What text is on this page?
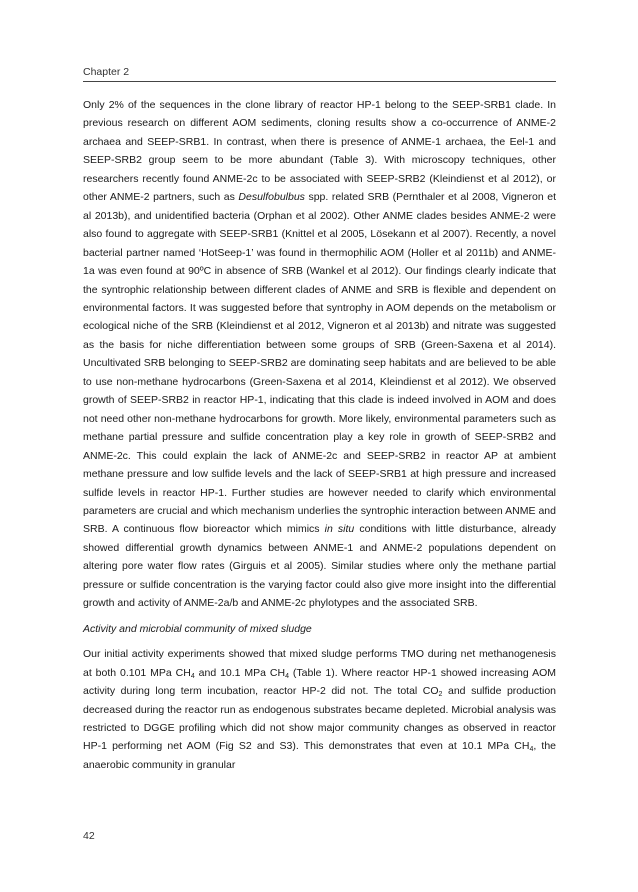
Chapter 2

Only 2% of the sequences in the clone library of reactor HP-1 belong to the SEEP-SRB1 clade. In previous research on different AOM sediments, cloning results show a co-occurrence of ANME-2 archaea and SEEP-SRB1. In contrast, when there is presence of ANME-1 archaea, the Eel-1 and SEEP-SRB2 group seem to be more abundant (Table 3). With microscopy techniques, other researchers recently found ANME-2c to be associated with SEEP-SRB2 (Kleindienst et al 2012), or other ANME-2 partners, such as Desulfobulbus spp. related SRB (Pernthaler et al 2008, Vigneron et al 2013b), and unidentified bacteria (Orphan et al 2002). Other ANME clades besides ANME-2 were also found to aggregate with SEEP-SRB1 (Knittel et al 2005, Lösekann et al 2007). Recently, a novel bacterial partner named ‘HotSeep-1’ was found in thermophilic AOM (Holler et al 2011b) and ANME-1a was even found at 90ºC in absence of SRB (Wankel et al 2012). Our findings clearly indicate that the syntrophic relationship between different clades of ANME and SRB is flexible and dependent on environmental factors. It was suggested before that syntrophy in AOM depends on the metabolism or ecological niche of the SRB (Kleindienst et al 2012, Vigneron et al 2013b) and nitrate was suggested as the basis for niche differentiation between some groups of SRB (Green-Saxena et al 2014). Uncultivated SRB belonging to SEEP-SRB2 are dominating seep habitats and are believed to be able to use non-methane hydrocarbons (Green-Saxena et al 2014, Kleindienst et al 2012). We observed growth of SEEP-SRB2 in reactor HP-1, indicating that this clade is indeed involved in AOM and does not need other non-methane hydrocarbons for growth. More likely, environmental parameters such as methane partial pressure and sulfide concentration play a key role in growth of SEEP-SRB2 and ANME-2c. This could explain the lack of ANME-2c and SEEP-SRB2 in reactor AP at ambient methane pressure and low sulfide levels and the lack of SEEP-SRB1 at high pressure and increased sulfide levels in reactor HP-1. Further studies are however needed to clarify which environmental parameters are crucial and which mechanism underlies the syntrophic interaction between ANME and SRB. A continuous flow bioreactor which mimics in situ conditions with little disturbance, already showed differential growth dynamics between ANME-1 and ANME-2 populations dependent on altering pore water flow rates (Girguis et al 2005). Similar studies where only the methane partial pressure or sulfide concentration is the varying factor could also give more insight into the differential growth and activity of ANME-2a/b and ANME-2c phylotypes and the associated SRB.

Activity and microbial community of mixed sludge

Our initial activity experiments showed that mixed sludge performs TMO during net methanogenesis at both 0.101 MPa $CH_4$ and 10.1 MPa $CH_4$ (Table 1). Where reactor HP-1 showed increasing AOM activity during long term incubation, reactor HP-2 did not. The total $CO_2$ and sulfide production decreased during the reactor run as endogenous substrates became depleted. Microbial analysis was restricted to DGGE profiling which did not show major community changes as observed in reactor HP-1 performing net AOM (Fig S2 and S3). This demonstrates that even at 10.1 MPa $CH_4$, the anaerobic community in granular

42
